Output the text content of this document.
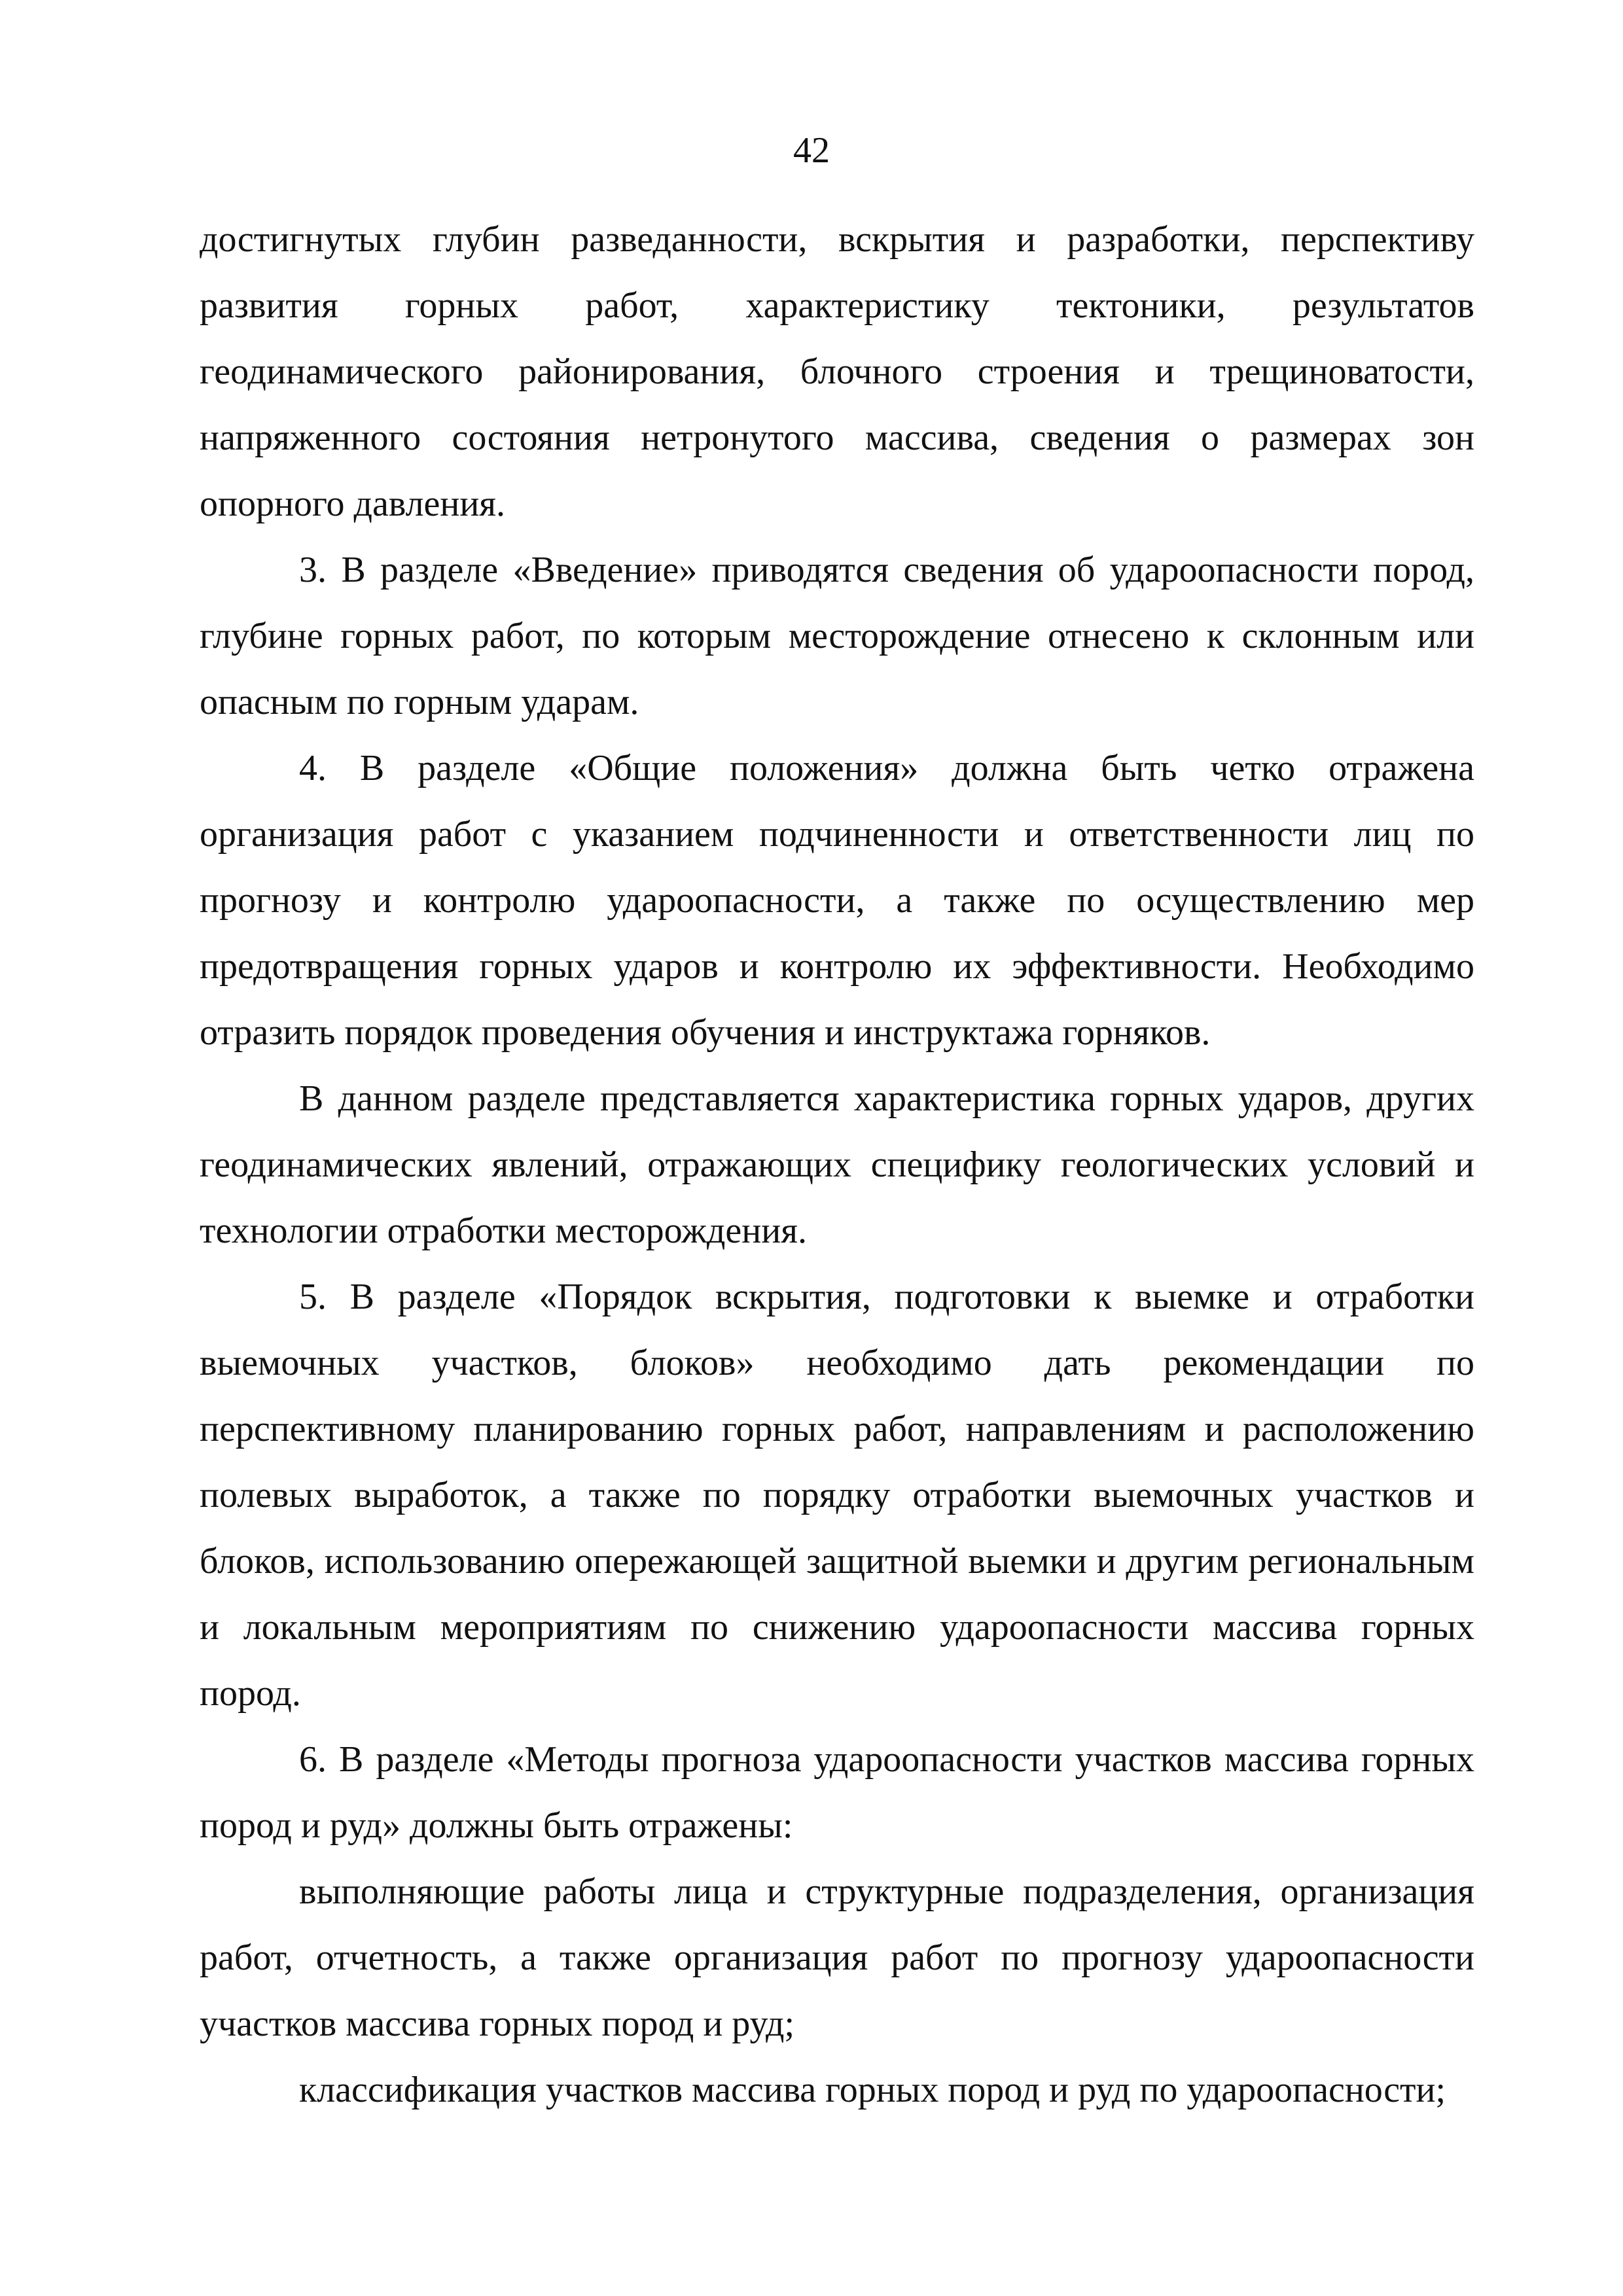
42

достигнутых глубин разведанности, вскрытия и разработки, перспективу развития горных работ, характеристику тектоники, результатов геодинамического районирования, блочного строения и трещиноватости, напряженного состояния нетронутого массива, сведения о размерах зон опорного давления.

3. В разделе «Введение» приводятся сведения об удароопасности пород, глубине горных работ, по которым месторождение отнесено к склонным или опасным по горным ударам.

4. В разделе «Общие положения» должна быть четко отражена организация работ с указанием подчиненности и ответственности лиц по прогнозу и контролю удароопасности, а также по осуществлению мер предотвращения горных ударов и контролю их эффективности. Необходимо отразить порядок проведения обучения и инструктажа горняков.

В данном разделе представляется характеристика горных ударов, других геодинамических явлений, отражающих специфику геологических условий и технологии отработки месторождения.

5. В разделе «Порядок вскрытия, подготовки к выемке и отработки выемочных участков, блоков» необходимо дать рекомендации по перспективному планированию горных работ, направлениям и расположению полевых выработок, а также по порядку отработки выемочных участков и блоков, использованию опережающей защитной выемки и другим региональным и локальным мероприятиям по снижению удароопасности массива горных пород.

6. В разделе «Методы прогноза удароопасности участков массива горных пород и руд» должны быть отражены:

выполняющие работы лица и структурные подразделения, организация работ, отчетность, а также организация работ по прогнозу удароопасности участков массива горных пород и руд;

классификация участков массива горных пород и руд по удароопасности;
